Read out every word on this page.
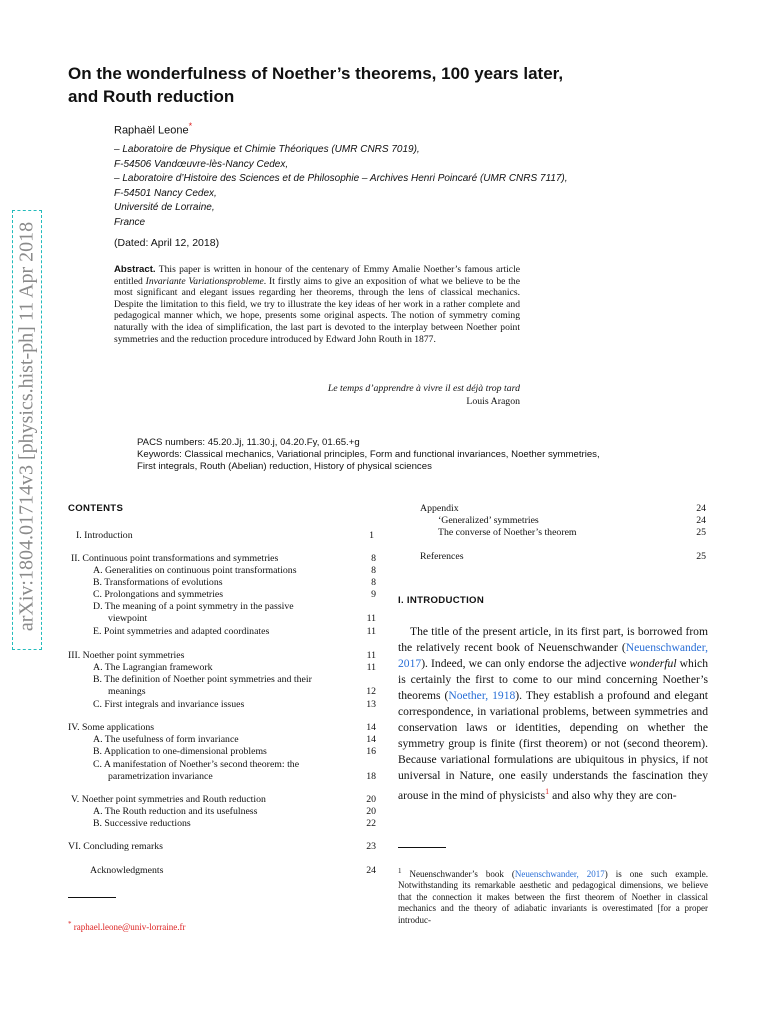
arXiv:1804.01714v3 [physics.hist-ph] 11 Apr 2018
On the wonderfulness of Noether’s theorems, 100 years later,
and Routh reduction
Raphaël Leone*
– Laboratoire de Physique et Chimie Théoriques (UMR CNRS 7019),
F-54506 Vandœuvre-lès-Nancy Cedex,
– Laboratoire d’Histoire des Sciences et de Philosophie – Archives Henri Poincaré (UMR CNRS 7117),
F-54501 Nancy Cedex,
Université de Lorraine,
France
(Dated: April 12, 2018)
Abstract. This paper is written in honour of the centenary of Emmy Amalie Noether’s famous article entitled Invariante Variationsprobleme. It firstly aims to give an exposition of what we believe to be the most significant and elegant issues regarding her theorems, through the lens of classical mechanics. Despite the limitation to this field, we try to illustrate the key ideas of her work in a rather complete and pedagogical manner which, we hope, presents some original aspects. The notion of symmetry coming naturally with the idea of simplification, the last part is devoted to the interplay between Noether point symmetries and the reduction procedure introduced by Edward John Routh in 1877.
Le temps d’apprendre à vivre il est déjà trop tard
Louis Aragon
PACS numbers: 45.20.Jj, 11.30.j, 04.20.Fy, 01.65.+g
Keywords: Classical mechanics, Variational principles, Form and functional invariances, Noether symmetries,
First integrals, Routh (Abelian) reduction, History of physical sciences
CONTENTS
I. Introduction	1
II. Continuous point transformations and symmetries	8
A. Generalities on continuous point transformations	8
B. Transformations of evolutions	8
C. Prolongations and symmetries	9
D. The meaning of a point symmetry in the passive
viewpoint	11
E. Point symmetries and adapted coordinates	11
III. Noether point symmetries	11
A. The Lagrangian framework	11
B. The definition of Noether point symmetries and their
meanings	12
C. First integrals and invariance issues	13
IV. Some applications	14
A. The usefulness of form invariance	14
B. Application to one-dimensional problems	16
C. A manifestation of Noether’s second theorem: the
parametrization invariance	18
V. Noether point symmetries and Routh reduction	20
A. The Routh reduction and its usefulness	20
B. Successive reductions	22
VI. Concluding remarks	23
Acknowledgments	24
Appendix	24
‘Generalized’ symmetries	24
The converse of Noether’s theorem	25
References	25
I. INTRODUCTION
The title of the present article, in its first part, is borrowed from the relatively recent book of Neuenschwander (Neuenschwander, 2017). Indeed, we can only endorse the adjective wonderful which is certainly the first to come to our mind concerning Noether’s theorems (Noether, 1918). They establish a profound and elegant correspondence, in variational problems, between symmetries and conservation laws or identities, depending on whether the symmetry group is finite (first theorem) or not (second theorem). Because variational formulations are ubiquitous in physics, if not universal in Nature, one easily understands the fascination they arouse in the mind of physicists$^1$ and also why they are con-
* raphael.leone@univ-lorraine.fr
$^1$ Neuenschwander’s book (Neuenschwander, 2017) is one such example. Notwithstanding its remarkable aesthetic and pedagogical dimensions, we believe that the connection it makes between the first theorem of Noether in classical mechanics and the theory of adiabatic invariants is overestimated [for a proper introduc-
